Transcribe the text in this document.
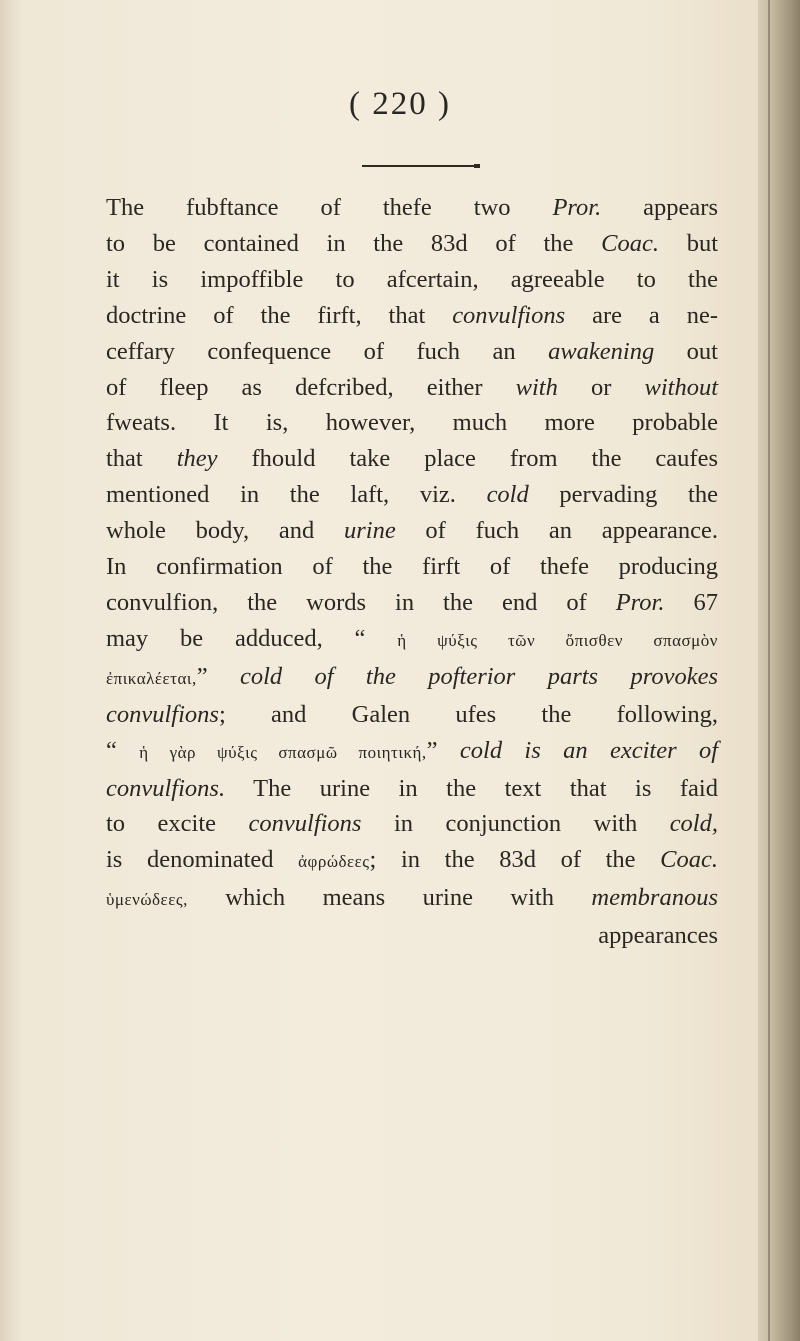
( 220 )
The fubftance of thefe two Pror. appears
to be contained in the 83d of the Coac. but
it is impoffible to afcertain, agreeable to the
doctrine of the firft, that convulfions are a ne-
ceffary confequence of fuch an awakening out
of fleep as defcribed, either with or without
fweats. It is, however, much more probable
that they fhould take place from the caufes
mentioned in the laft, viz. cold pervading the
whole body, and urine of fuch an appearance.
In confirmation of the firft of thefe producing
convulfion, the words in the end of Pror. 67
may be adduced, “ ἡ ψύξις τῶν ὄπισθεν σπασμὸν
ἐπικαλέεται,” cold of the pofterior parts provokes
convulfions; and Galen ufes the following,
“ ἡ γὰρ ψύξις σπασμῶ ποιητική,” cold is an exciter of
convulfions. The urine in the text that is faid
to excite convulfions in conjunction with cold,
is denominated ἀφρώδεες; in the 83d of the Coac.
ὑμενώδεες, which means urine with membranous
appearances
